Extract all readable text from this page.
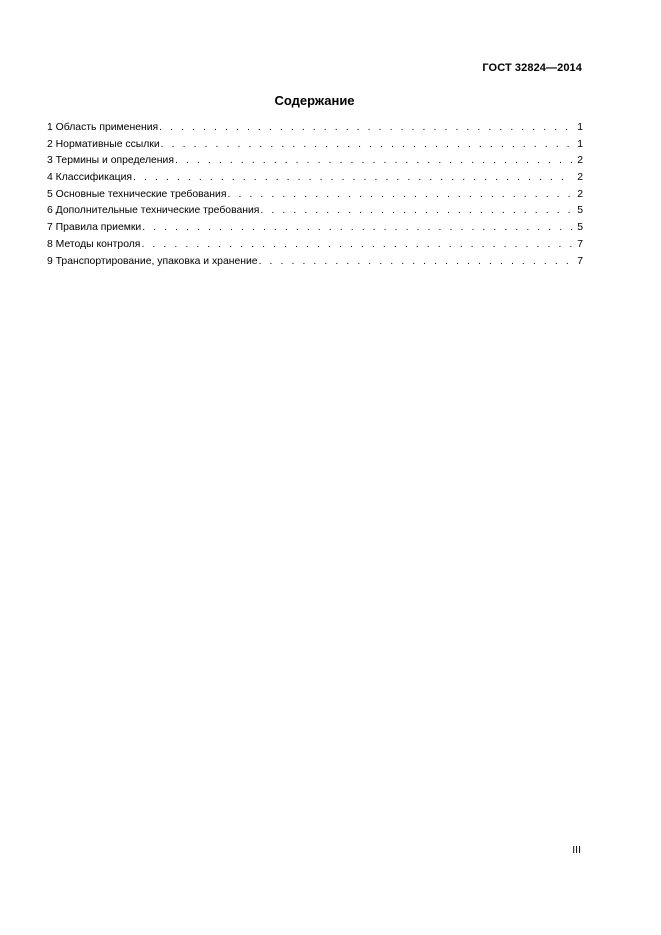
ГОСТ 32824—2014
Содержание
1 Область применения . . .	1
2 Нормативные ссылки . . .	1
3 Термины и определения . . .	2
4 Классификация . . .	2
5 Основные технические требования . . .	2
6 Дополнительные технические требования . . .	5
7 Правила приемки . . .	5
8 Методы контроля . . .	7
9 Транспортирование, упаковка и хранение . . .	7
III
